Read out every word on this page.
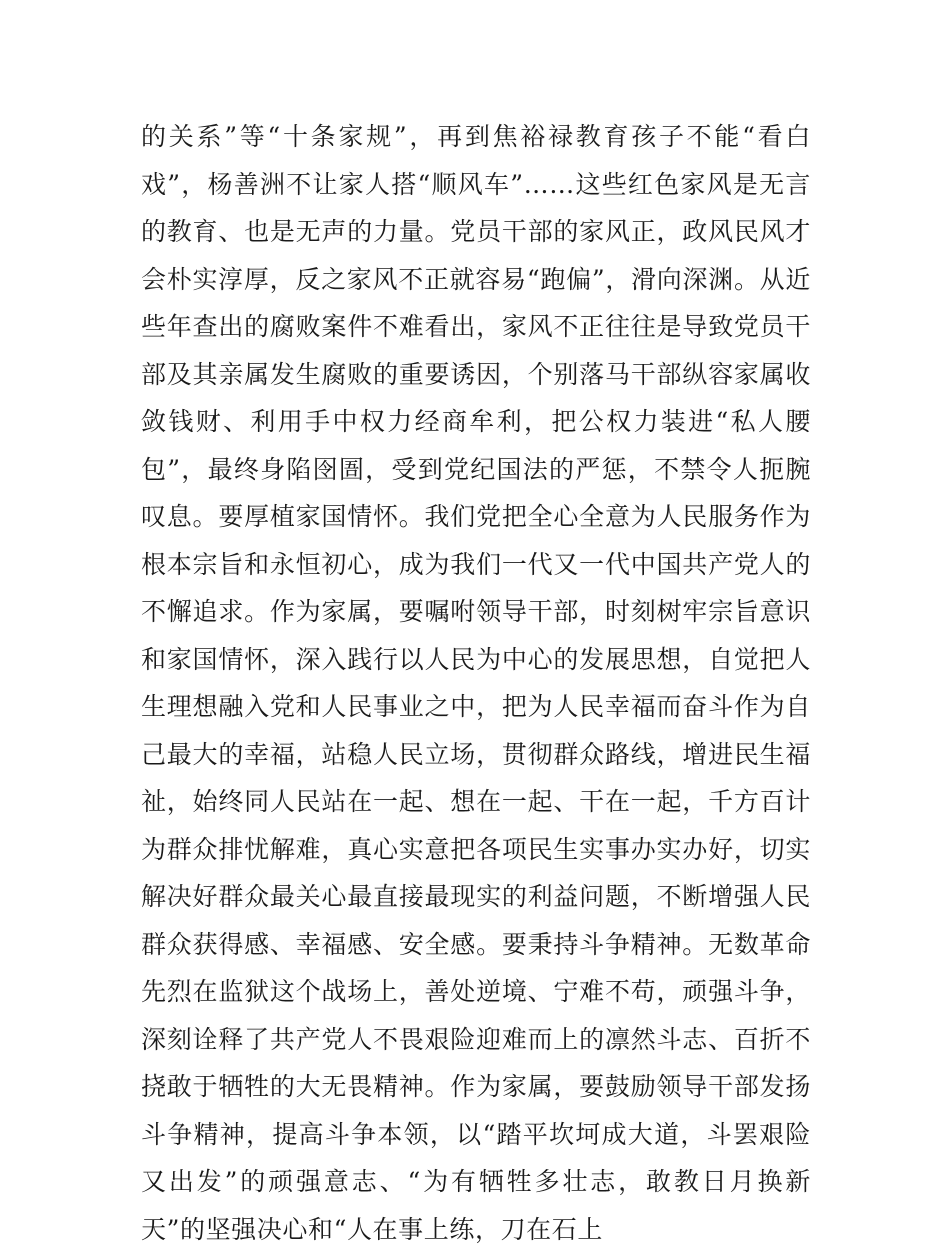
的关系”等“十条家规”，再到焦裕禄教育孩子不能“看白戏”，杨善洲不让家人搭“顺风车”……这些红色家风是无言的教育、也是无声的力量。党员干部的家风正，政风民风才会朴实淳厚，反之家风不正就容易“跑偏”，滑向深渊。从近些年查出的腐败案件不难看出，家风不正往往是导致党员干部及其亲属发生腐败的重要诱因，个别落马干部纵容家属收敛钱财、利用手中权力经商牟利，把公权力装进“私人腰包”，最终身陷囹圄，受到党纪国法的严惩，不禁令人扼腕叹息。要厚植家国情怀。我们党把全心全意为人民服务作为根本宗旨和永恒初心，成为我们一代又一代中国共产党人的不懈追求。作为家属，要嘱咐领导干部，时刻树牢宗旨意识和家国情怀，深入践行以人民为中心的发展思想，自觉把人生理想融入党和人民事业之中，把为人民幸福而奋斗作为自己最大的幸福，站稳人民立场，贯彻群众路线，增进民生福祉，始终同人民站在一起、想在一起、干在一起，千方百计为群众排忧解难，真心实意把各项民生实事办实办好，切实解决好群众最关心最直接最现实的利益问题，不断增强人民群众获得感、幸福感、安全感。要秉持斗争精神。无数革命先烈在监狱这个战场上，善处逆境、宁难不苟，顽强斗争，深刻诠释了共产党人不畏艰险迎难而上的凛然斗志、百折不挠敢于牺牲的大无畏精神。作为家属，要鼓励领导干部发扬斗争精神，提高斗争本领，以“踏平坎坷成大道，斗罢艰险又出发”的顽强意志、“为有牺牲多壮志，敢教日月换新天”的坚强决心和“人在事上练，刀在石上
